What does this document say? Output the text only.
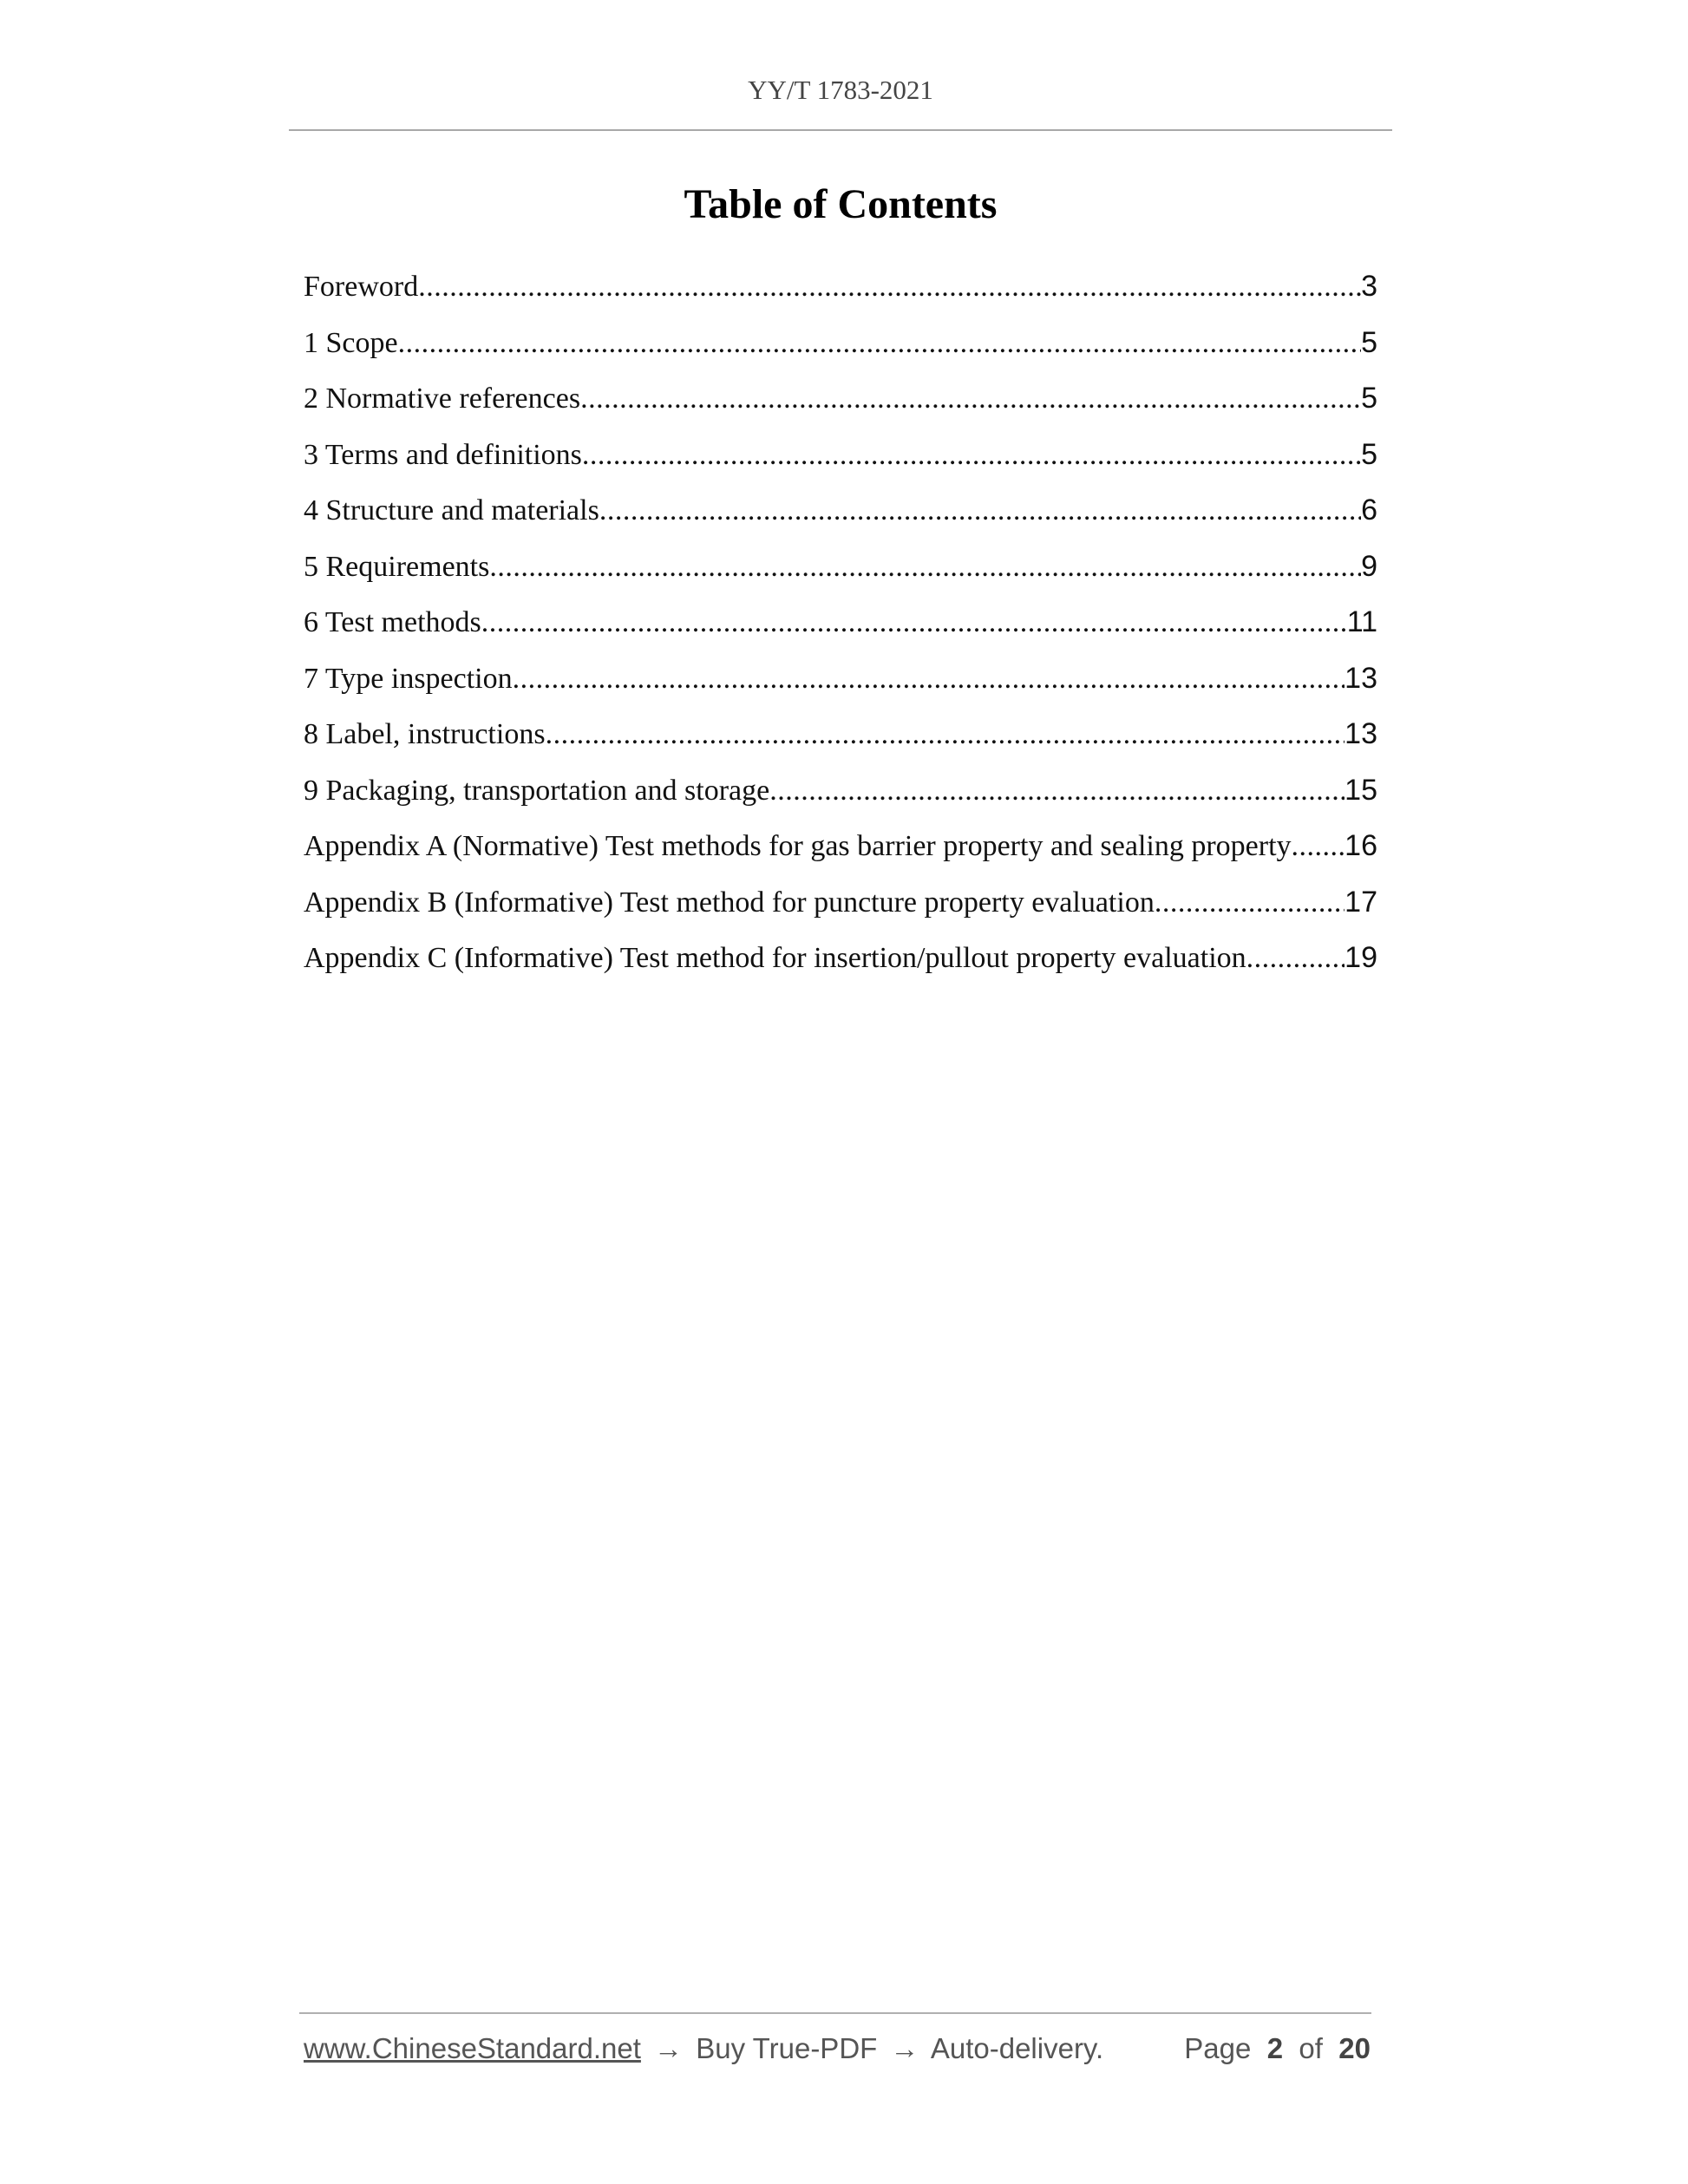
YY/T 1783-2021
Table of Contents
Foreword .....	3
1 Scope .....	5
2 Normative references .....	5
3 Terms and definitions .....	5
4 Structure and materials .....	6
5 Requirements .....	9
6 Test methods .....	11
7 Type inspection .....	13
8 Label, instructions .....	13
9 Packaging, transportation and storage .....	15
Appendix A (Normative) Test methods for gas barrier property and sealing property ..... 16
Appendix B (Informative) Test method for puncture property evaluation .....	17
Appendix C (Informative) Test method for insertion/pullout property evaluation .....	19
www.ChineseStandard.net → Buy True-PDF → Auto-delivery.	Page 2 of 20
